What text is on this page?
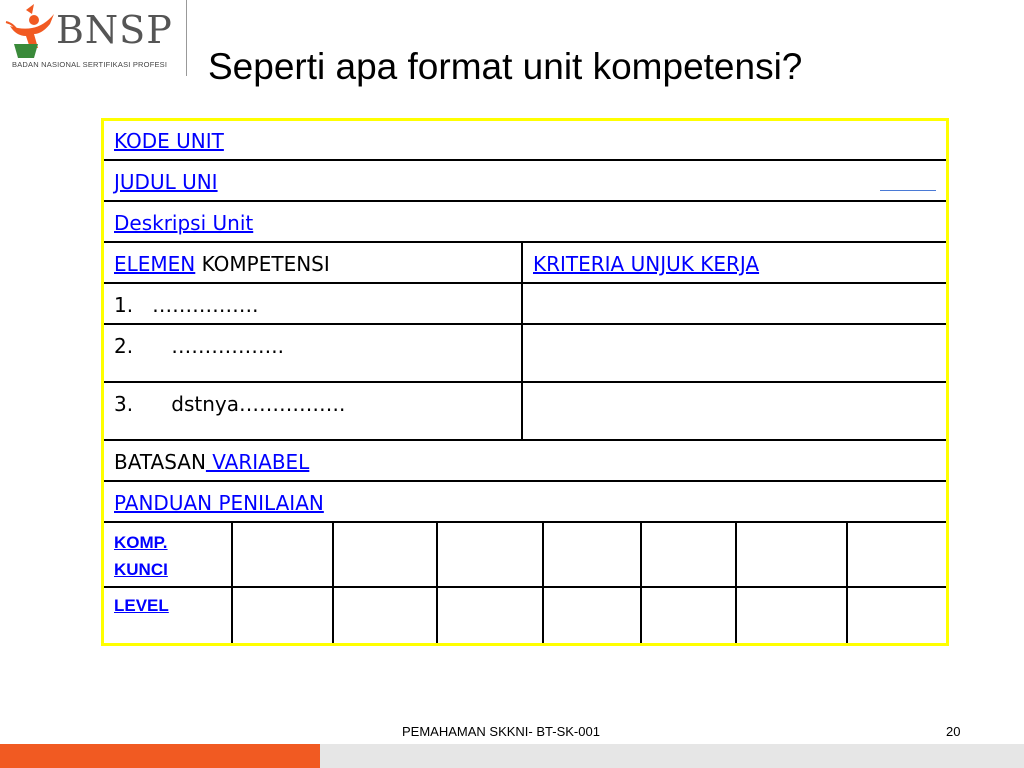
BNSP
BADAN NASIONAL SERTIFIKASI PROFESI Seperti apa format unit kompetensi?
KODE UNIT
JUDUL UNI
Deskripsi Unit
ELEMEN KOMPETENSI	KRITERIA UNJUK KERJA
1. …………….
2. ……………..
3. dstnya…………….
BATASAN VARIABEL
PANDUAN PENILAIAN
KOMP.
KUNCI
LEVEL
PEMAHAMAN SKKNI- BT-SK-001	20
